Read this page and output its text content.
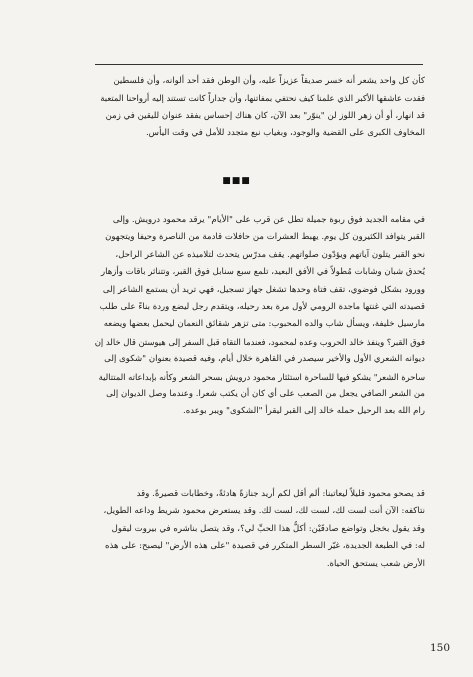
كأن كل واحد يشعر أنه خسر صديقاً عزيزاً عليه، وأن الوطن فقد أحد ألوانه، وأن فلسطين
فقدت عاشقها الأكبر الذي علمنا كيف نحتفي بمفاتنها، وأن جداراً كانت تستند إليه أرواحنا المتعبة
قد انهار، أو أن زهر اللوز لن "ينوّر" بعد الآن، كان هناك إحساس بفقد عنوان لليقين في زمن
المخاوف الكبرى على القضية والوجود، وبغياب نبع متجدد للأمل في وقت اليأس.
■■■
في مقامه الجديد فوق ربوة جميلة تطل عن قرب على "الأيام" يرقد محمود درويش. وإلى
القبر يتوافد الكثيرون كل يوم. يهبط العشرات من حافلات قادمة من الناصرة وحيفا ويتجهون
نحو القبر يتلون آياتهم ويؤدّون صلواتهم. يقف مدرّس يتحدث لتلاميذه عن الشاعر الراحل،
يُحدق شبان وشابات مُطولاً في الأفق البعيد، تلمع سبع سنابل فوق القبر، وتتناثر باقات وأزهار
وورود بشكل فوضوي، تقف فتاة وحدها تشغل جهاز تسجيل، فهي تريد أن يستمع الشاعر إلى
قصيدته التي غنتها ماجدة الرومي لأول مرة بعد رحيله، ويتقدم رجل ليضع وردة بناءً على طلب
مارسيل خليفة، ويسأل شاب والده المحبوب: متى تزهر شقائق النعمان ليحمل بعضها ويضعه
فوق القبر؟ وينفذ خالد الحروب وعده لمحمود، فعندما التقاه قبل السفر إلى هيوستن قال خالد إن
ديوانه الشعري الأول والأخير سيصدر في القاهرة خلال أيام، وفيه قصيدة بعنوان "شكوى إلى
ساحرة الشعر" يشكو فيها للساحرة استئثار محمود درويش بسحر الشعر وكأنه بإبداعاته المتتالية
من الشعر الصافي يجعل من الصعب على أي كان أن يكتب شعرا. وعندما وصل الديوان إلى
رام الله بعد الرحيل حمله خالد إلى القبر ليقرأ "الشكوى" ويبر بوعده.
قد يصحو محمود قليلاً ليعاتبنا: ألم أقل لكم أريد جنازةً هادئةً، وخطابات قصيرةً. وقد
نتاكفه: الآن أنت لست لك، لست لك، لست لك. وقد يستعرض محمود شريط وداعه الطويل،
وقد يقول بخجل وتواضع صادقَيْن: أكلُّ هذا الحبِّ لي؟، وقد يتصل بناشره في بيروت ليقول
له: في الطبعة الجديدة، غيّر السطر المتكرر في قصيدة "على هذه الأرض" ليصبح: على هذه
الأرض شعب يستحق الحياة.
150
